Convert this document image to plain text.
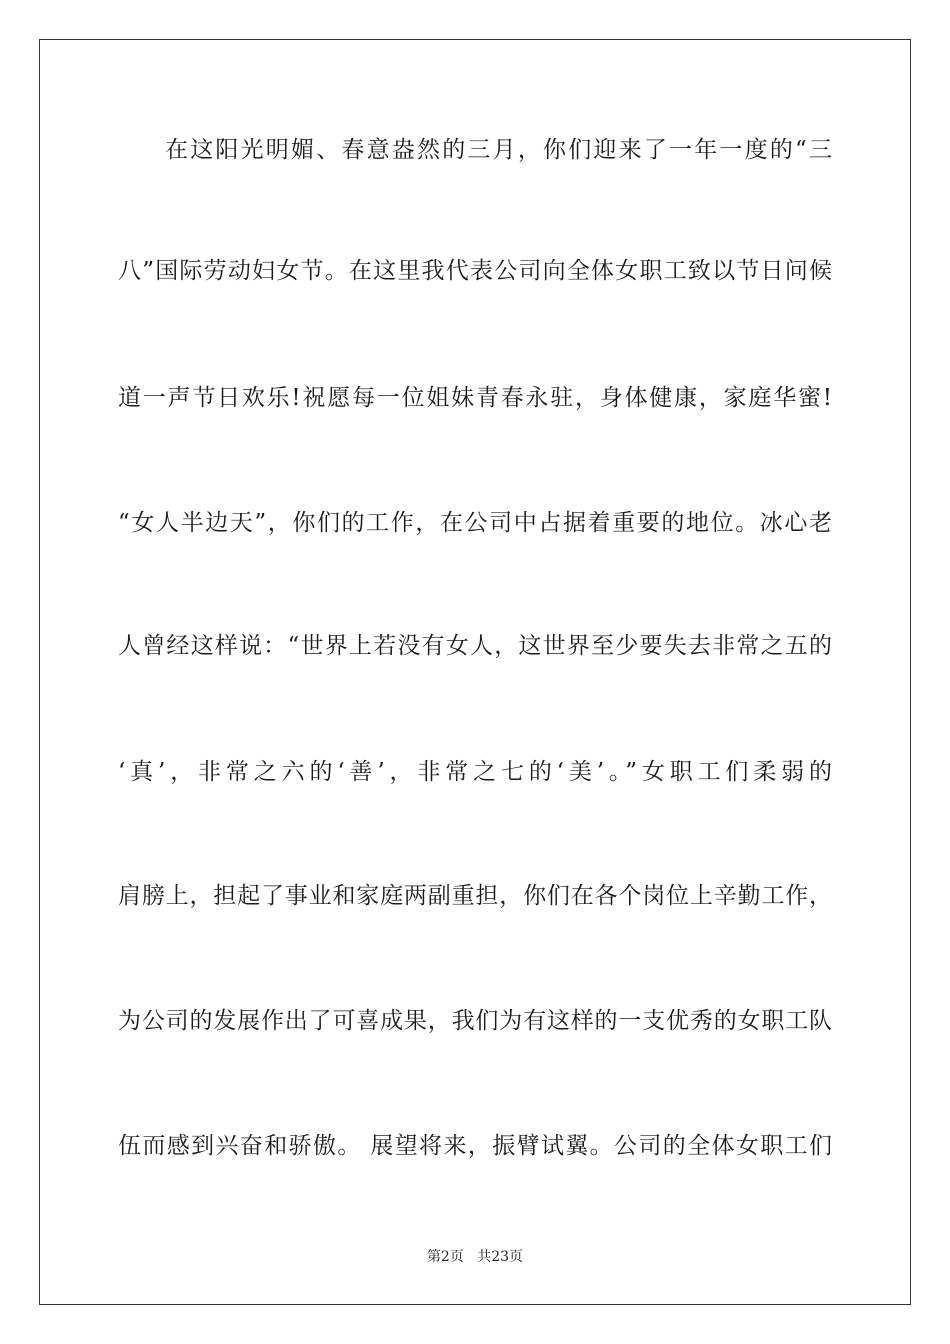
在这阳光明媚、春意盎然的三月，你们迎来了一年一度的“三
八”国际劳动妇女节。在这里我代表公司向全体女职工致以节日问候
道一声节日欢乐!祝愿每一位姐妹青春永驻，身体健康，家庭华蜜!
“女人半边天”，你们的工作，在公司中占据着重要的地位。冰心老
人曾经这样说：“世界上若没有女人，这世界至少要失去非常之五的
‘真’，非常之六的‘善’，非常之七的‘美’。”女职工们柔弱的
肩膀上，担起了事业和家庭两副重担，你们在各个岗位上辛勤工作，
为公司的发展作出了可喜成果，我们为有这样的一支优秀的女职工队
伍而感到兴奋和骄傲。 展望将来，振臂试翼。公司的全体女职工们
第2页 共23页
